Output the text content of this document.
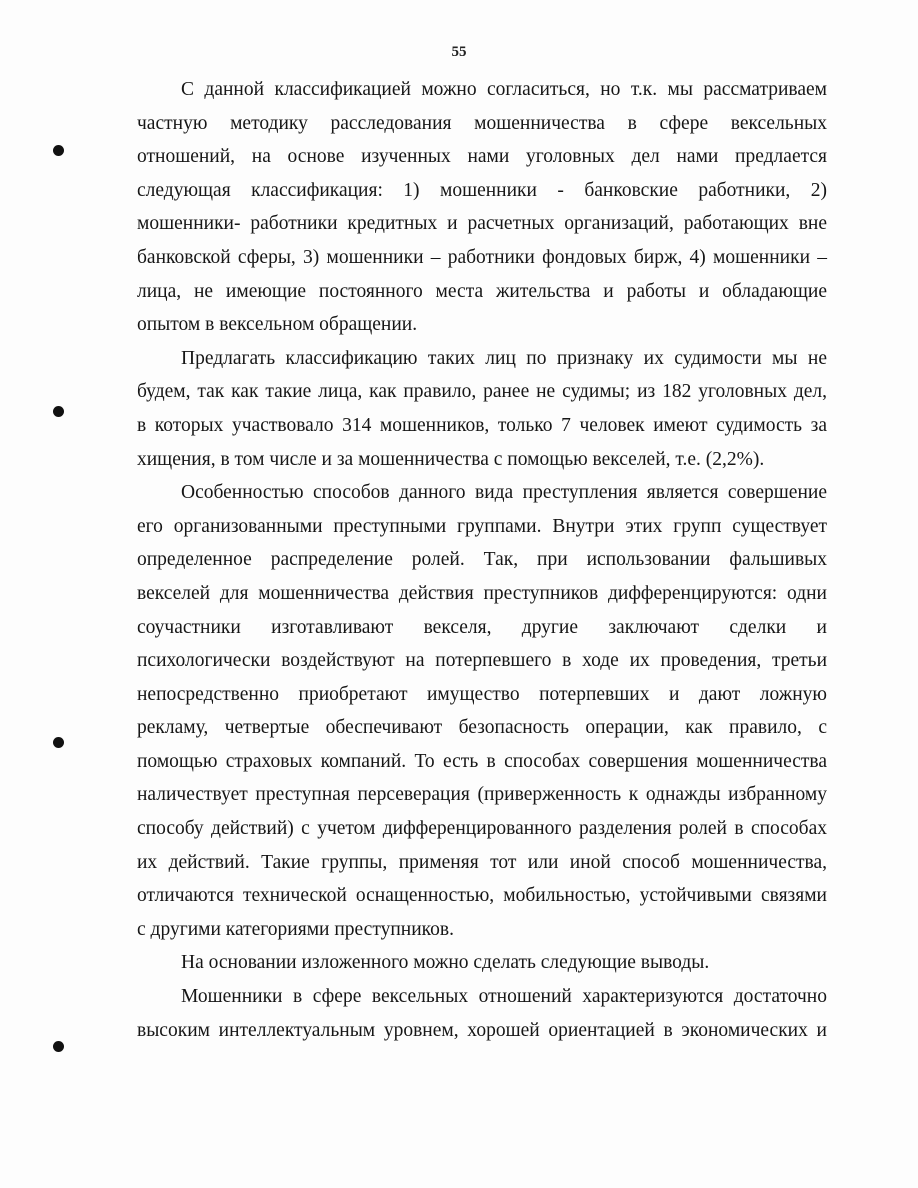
55
С данной классификацией можно согласиться, но т.к. мы рассматриваем
частную методику расследования мошенничества в сфере вексельных
отношений, на основе изученных нами уголовных дел нами предлается
следующая классификация: 1) мошенники - банковские работники, 2)
мошенники- работники кредитных и расчетных организаций, работающих вне
банковской сферы, 3) мошенники – работники фондовых бирж, 4) мошенники –
лица, не имеющие постоянного места жительства и работы и обладающие
опытом в вексельном обращении.
Предлагать классификацию таких лиц по признаку их судимости мы не
будем, так как такие лица, как правило, ранее не судимы; из 182 уголовных дел,
в которых участвовало 314 мошенников, только 7 человек имеют судимость за
хищения, в том числе и за мошенничества с помощью векселей, т.е. (2,2%).
Особенностью способов данного вида преступления является совершение
его организованными преступными группами. Внутри этих групп существует
определенное распределение ролей. Так, при использовании фальшивых
векселей для мошенничества действия преступников дифференцируются: одни
соучастники изготавливают векселя, другие заключают сделки и
психологически воздействуют на потерпевшего в ходе их проведения, третьи
непосредственно приобретают имущество потерпевших и дают ложную
рекламу, четвертые обеспечивают безопасность операции, как правило, с
помощью страховых компаний. То есть в способах совершения мошенничества
наличествует преступная персеверация (приверженность к однажды избранному
способу действий) с учетом дифференцированного разделения ролей в способах
их действий. Такие группы, применяя тот или иной способ мошенничества,
отличаются технической оснащенностью, мобильностью, устойчивыми связями
с другими категориями преступников.
На основании изложенного можно сделать следующие выводы.
Мошенники в сфере вексельных отношений характеризуются достаточно
высоким интеллектуальным уровнем, хорошей ориентацией в экономических и
